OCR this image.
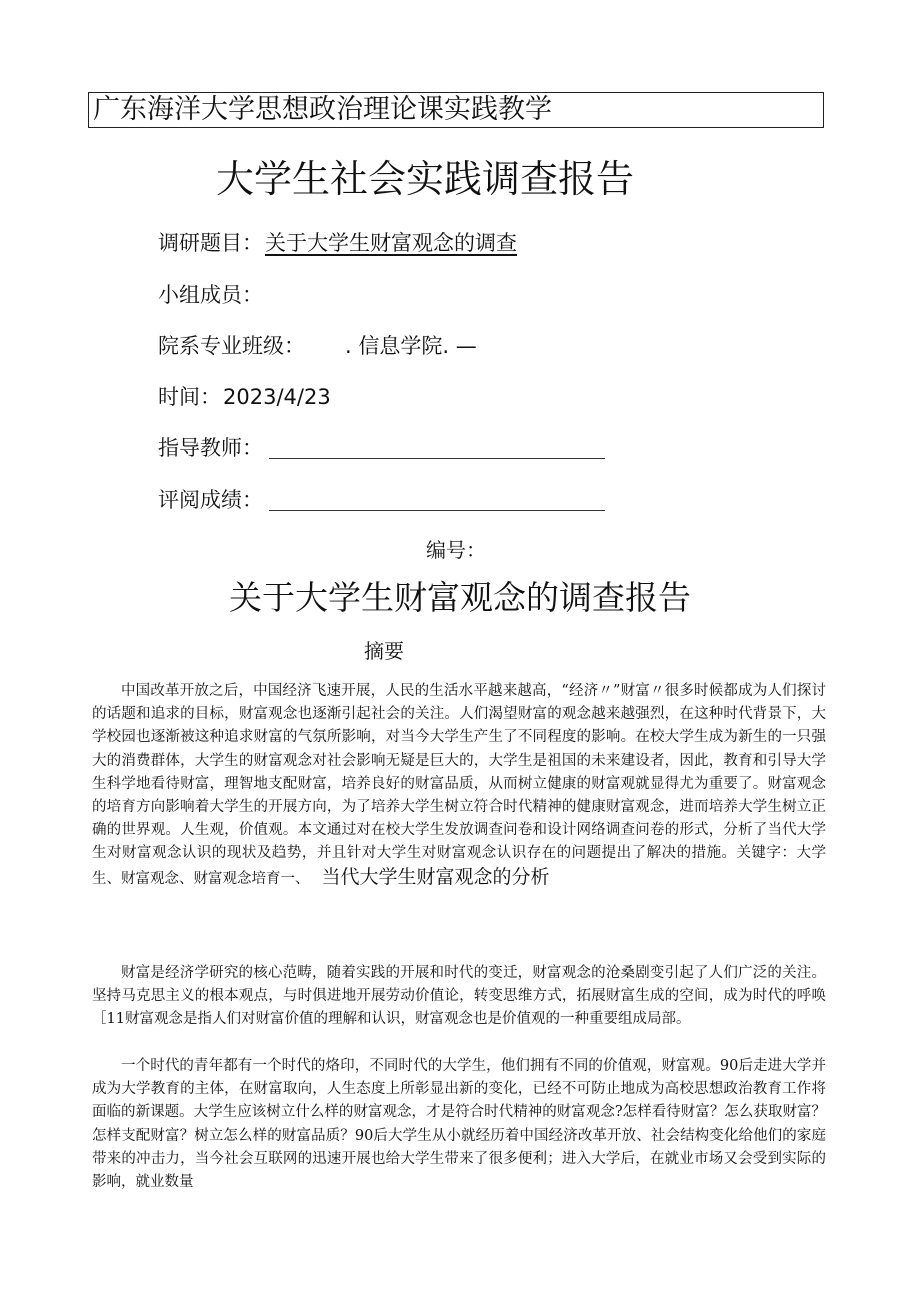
广东海洋大学思想政治理论课实践教学
大学生社会实践调查报告
调研题目：关于大学生财富观念的调查
小组成员：
院系专业班级： . 信息学院. —
时间：2023/4/23
指导教师：
评阅成绩：
编号：
关于大学生财富观念的调查报告
摘要

中国改革开放之后，中国经济飞速开展，人民的生活水平越来越高，“经济〃”财富〃很多时候都成为人们探讨的话题和追求的目标，财富观念也逐渐引起社会的关注。人们渴望财富的观念越来越强烈，在这种时代背景下，大学校园也逐渐被这种追求财富的气氛所影响，对当今大学生产生了不同程度的影响。在校大学生成为新生的一只强大的消费群体，大学生的财富观念对社会影响无疑是巨大的，大学生是祖国的未来建设者，因此，教育和引导大学生科学地看待财富，理智地支配财富，培养良好的财富品质，从而树立健康的财富观就显得尤为重要了。财富观念的培育方向影响着大学生的开展方向，为了培养大学生树立符合时代精神的健康财富观念，进而培养大学生树立正确的世界观。人生观，价值观。本文通过对在校大学生发放调查问卷和设计网络调查问卷的形式，分析了当代大学生对财富观念认识的现状及趋势，并且针对大学生对财富观念认识存在的问题提出了解决的措施。关键字：大学生、财富观念、财富观念培育一、 当代大学生财富观念的分析

财富是经济学研究的核心范畴，随着实践的开展和时代的变迁，财富观念的沧桑剧变引起了人们广泛的关注。坚持马克思主义的根本观点，与时俱进地开展劳动价值论，转变思维方式，拓展财富生成的空间，成为时代的呼唤［11财富观念是指人们对财富价值的理解和认识，财富观念也是价值观的一种重要组成局部。

一个时代的青年都有一个时代的烙印，不同时代的大学生，他们拥有不同的价值观，财富观。90后走进大学并成为大学教育的主体，在财富取向，人生态度上所彰显出新的变化，已经不可防止地成为高校思想政治教育工作将面临的新课题。大学生应该树立什么样的财富观念，才是符合时代精神的财富观念?怎样看待财富？怎么获取财富？怎样支配财富？树立怎么样的财富品质？90后大学生从小就经历着中国经济改革开放、社会结构变化给他们的家庭带来的冲击力，当今社会互联网的迅速开展也给大学生带来了很多便利；进入大学后，在就业市场又会受到实际的影响，就业数量
